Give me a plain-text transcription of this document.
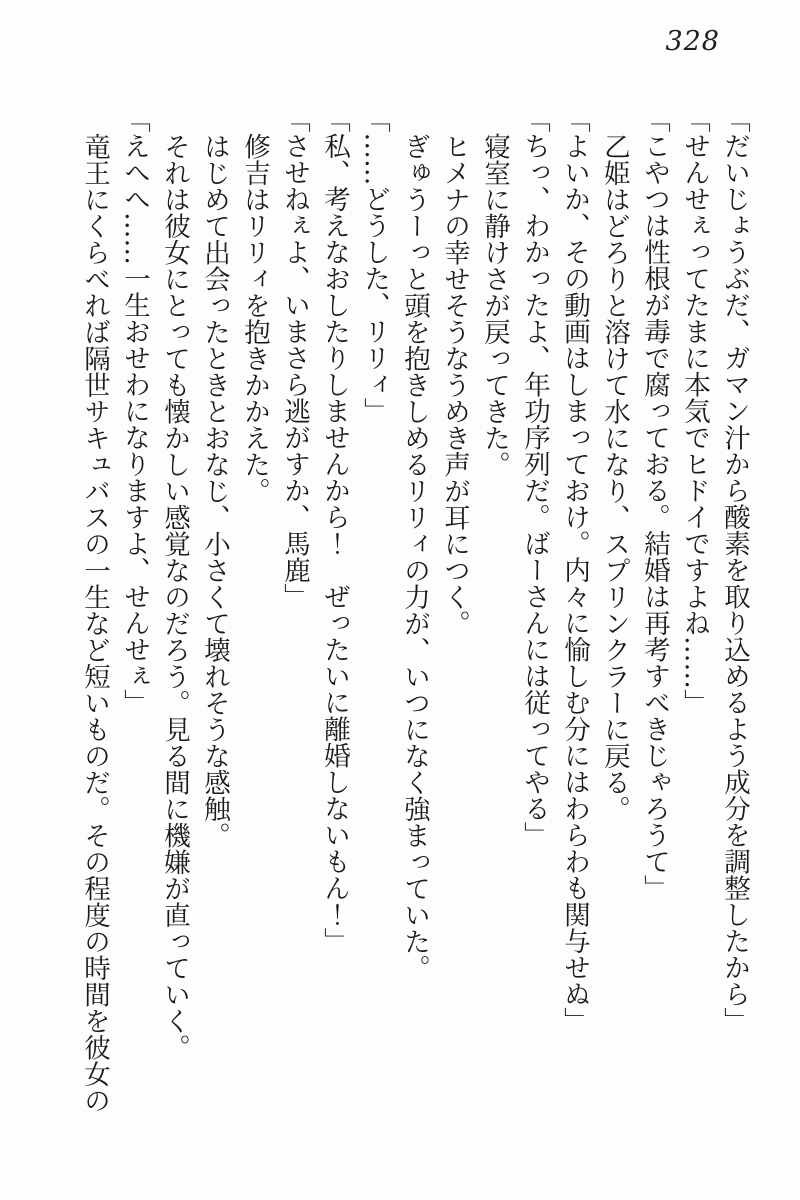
328

「だいじょうぶだ、ガマン汁から酸素を取り込めるよう成分を調整したから」

「せんせぇってたまに本気でヒドイですよね……」

「こやつは性根が毒で腐っておる。結婚は再考すべきじゃろうて」

乙姫はどろりと溶けて水になり、スプリンクラーに戻る。

「よいか、その動画はしまっておけ。内々に愉しむ分にはわらわも関与せぬ」

「ちっ、わかったよ、年功序列だ。ばーさんには従ってやる」

寝室に静けさが戻ってきた。

ヒメナの幸せそうなうめき声が耳につく。

ぎゅうーっと頭を抱きしめるリリィの力が、いつになく強まっていた。

「……どうした、リリィ」

「私、考えなおしたりしませんから！　ぜったいに離婚しないもん！」

「させねぇよ、いまさら逃がすか、馬鹿」

修吉はリリィを抱きかかえた。

はじめて出会ったときとおなじ、小さくて壊れそうな感触。

それは彼女にとっても懐かしい感覚なのだろう。見る間に機嫌が直っていく。

「えへへ……一生おせわになりますよ、せんせぇ」

竜王にくらべれば隔世サキュバスの一生など短いものだ。その程度の時間を彼女の
